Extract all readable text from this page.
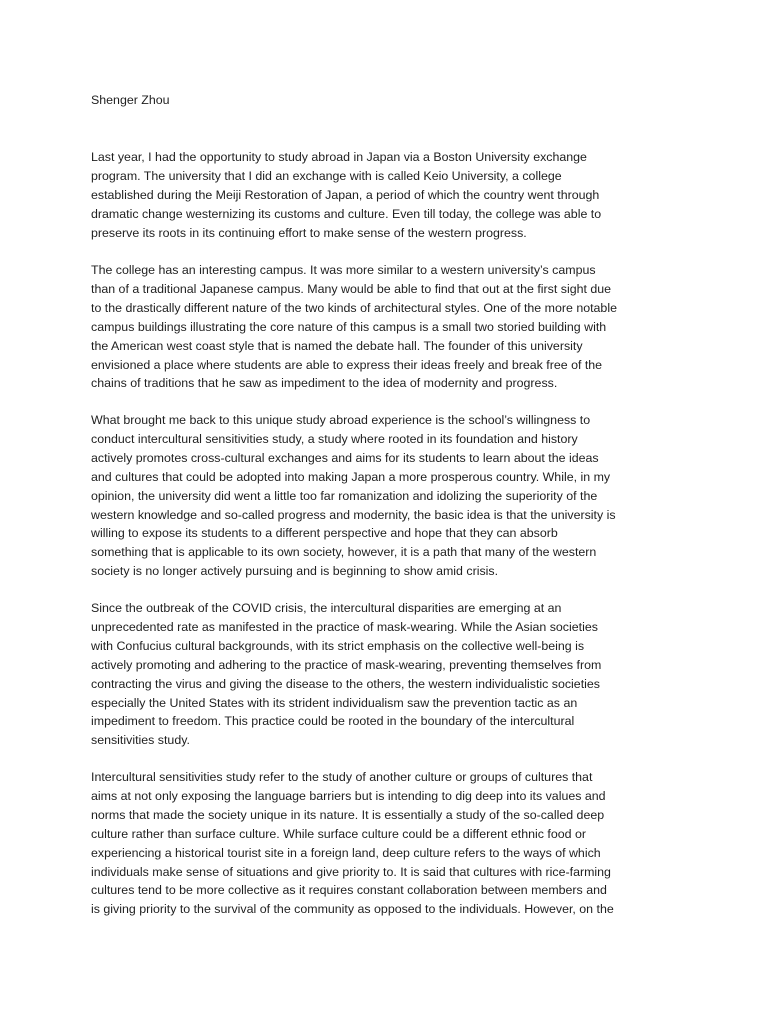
Shenger Zhou

Last year, I had the opportunity to study abroad in Japan via a Boston University exchange
program. The university that I did an exchange with is called Keio University, a college
established during the Meiji Restoration of Japan, a period of which the country went through
dramatic change westernizing its customs and culture. Even till today, the college was able to
preserve its roots in its continuing effort to make sense of the western progress.

The college has an interesting campus. It was more similar to a western university’s campus
than of a traditional Japanese campus. Many would be able to find that out at the first sight due
to the drastically different nature of the two kinds of architectural styles. One of the more notable
campus buildings illustrating the core nature of this campus is a small two storied building with
the American west coast style that is named the debate hall. The founder of this university
envisioned a place where students are able to express their ideas freely and break free of the
chains of traditions that he saw as impediment to the idea of modernity and progress.

What brought me back to this unique study abroad experience is the school’s willingness to
conduct intercultural sensitivities study, a study where rooted in its foundation and history
actively promotes cross-cultural exchanges and aims for its students to learn about the ideas
and cultures that could be adopted into making Japan a more prosperous country. While, in my
opinion, the university did went a little too far romanization and idolizing the superiority of the
western knowledge and so-called progress and modernity, the basic idea is that the university is
willing to expose its students to a different perspective and hope that they can absorb
something that is applicable to its own society, however, it is a path that many of the western
society is no longer actively pursuing and is beginning to show amid crisis.

Since the outbreak of the COVID crisis, the intercultural disparities are emerging at an
unprecedented rate as manifested in the practice of mask-wearing. While the Asian societies
with Confucius cultural backgrounds, with its strict emphasis on the collective well-being is
actively promoting and adhering to the practice of mask-wearing, preventing themselves from
contracting the virus and giving the disease to the others, the western individualistic societies
especially the United States with its strident individualism saw the prevention tactic as an
impediment to freedom. This practice could be rooted in the boundary of the intercultural
sensitivities study.

Intercultural sensitivities study refer to the study of another culture or groups of cultures that
aims at not only exposing the language barriers but is intending to dig deep into its values and
norms that made the society unique in its nature. It is essentially a study of the so-called deep
culture rather than surface culture. While surface culture could be a different ethnic food or
experiencing a historical tourist site in a foreign land, deep culture refers to the ways of which
individuals make sense of situations and give priority to. It is said that cultures with rice-farming
cultures tend to be more collective as it requires constant collaboration between members and
is giving priority to the survival of the community as opposed to the individuals. However, on the
